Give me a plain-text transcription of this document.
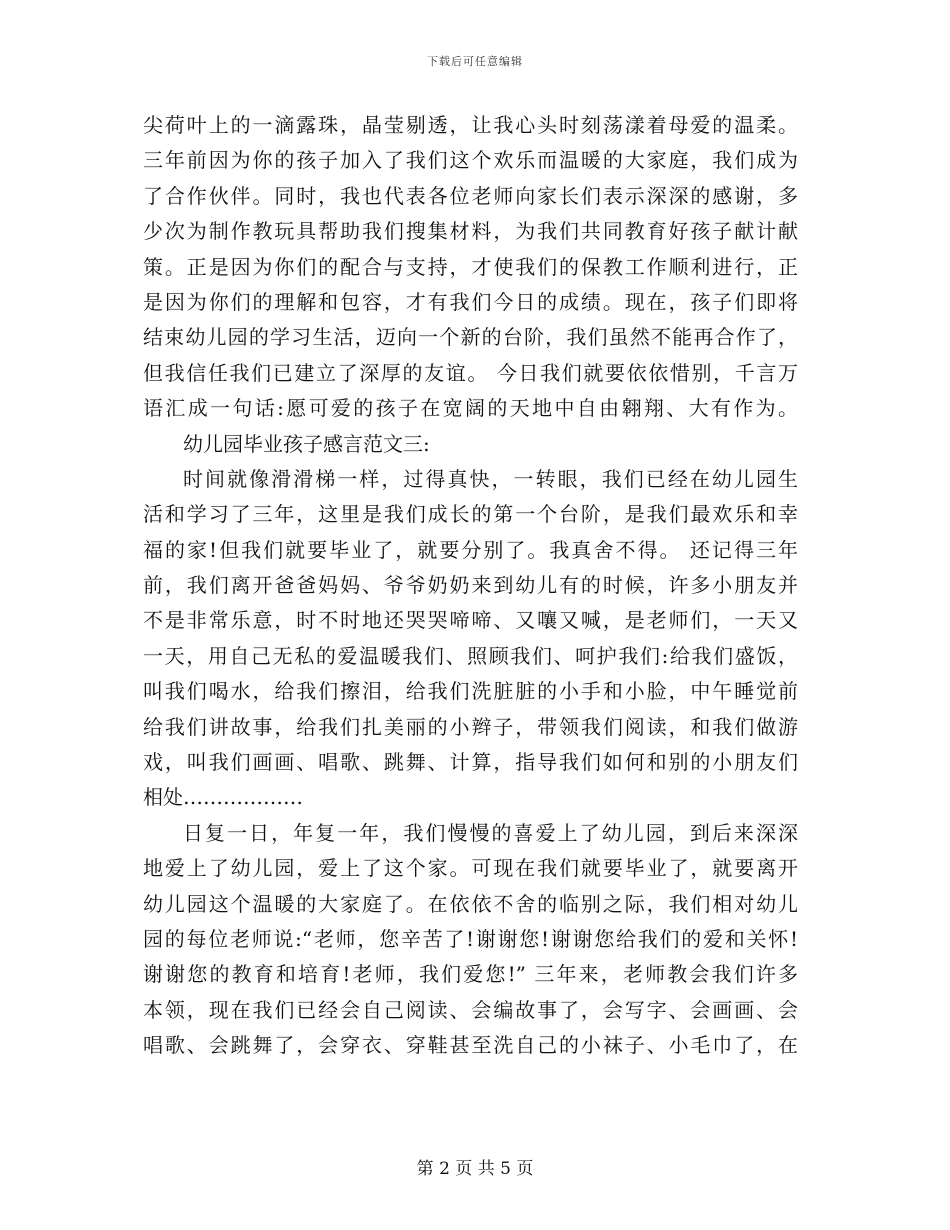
下载后可任意编辑
尖荷叶上的一滴露珠，晶莹剔透，让我心头时刻荡漾着母爱的温柔。
三年前因为你的孩子加入了我们这个欢乐而温暖的大家庭，我们成为
了合作伙伴。同时，我也代表各位老师向家长们表示深深的感谢，多
少次为制作教玩具帮助我们搜集材料，为我们共同教育好孩子献计献
策。正是因为你们的配合与支持，才使我们的保教工作顺利进行，正
是因为你们的理解和包容，才有我们今日的成绩。现在，孩子们即将
结束幼儿园的学习生活，迈向一个新的台阶，我们虽然不能再合作了，
但我信任我们已建立了深厚的友谊。 今日我们就要依依惜别，千言万
语汇成一句话:愿可爱的孩子在宽阔的天地中自由翱翔、大有作为。
幼儿园毕业孩子感言范文三:
时间就像滑滑梯一样，过得真快，一转眼，我们已经在幼儿园生
活和学习了三年，这里是我们成长的第一个台阶，是我们最欢乐和幸
福的家!但我们就要毕业了，就要分别了。我真舍不得。 还记得三年
前，我们离开爸爸妈妈、爷爷奶奶来到幼儿有的时候，许多小朋友并
不是非常乐意，时不时地还哭哭啼啼、又嚷又喊，是老师们，一天又
一天，用自己无私的爱温暖我们、照顾我们、呵护我们:给我们盛饭，
叫我们喝水，给我们擦泪，给我们洗脏脏的小手和小脸，中午睡觉前
给我们讲故事，给我们扎美丽的小辫子，带领我们阅读，和我们做游
戏，叫我们画画、唱歌、跳舞、计算，指导我们如何和别的小朋友们
相处………………
日复一日，年复一年，我们慢慢的喜爱上了幼儿园，到后来深深
地爱上了幼儿园，爱上了这个家。可现在我们就要毕业了，就要离开
幼儿园这个温暖的大家庭了。在依依不舍的临别之际，我们相对幼儿
园的每位老师说:“老师，您辛苦了!谢谢您!谢谢您给我们的爱和关怀!
谢谢您的教育和培育!老师，我们爱您!” 三年来，老师教会我们许多
本领，现在我们已经会自己阅读、会编故事了，会写字、会画画、会
唱歌、会跳舞了，会穿衣、穿鞋甚至洗自己的小袜子、小毛巾了，在
第 2 页 共 5 页
